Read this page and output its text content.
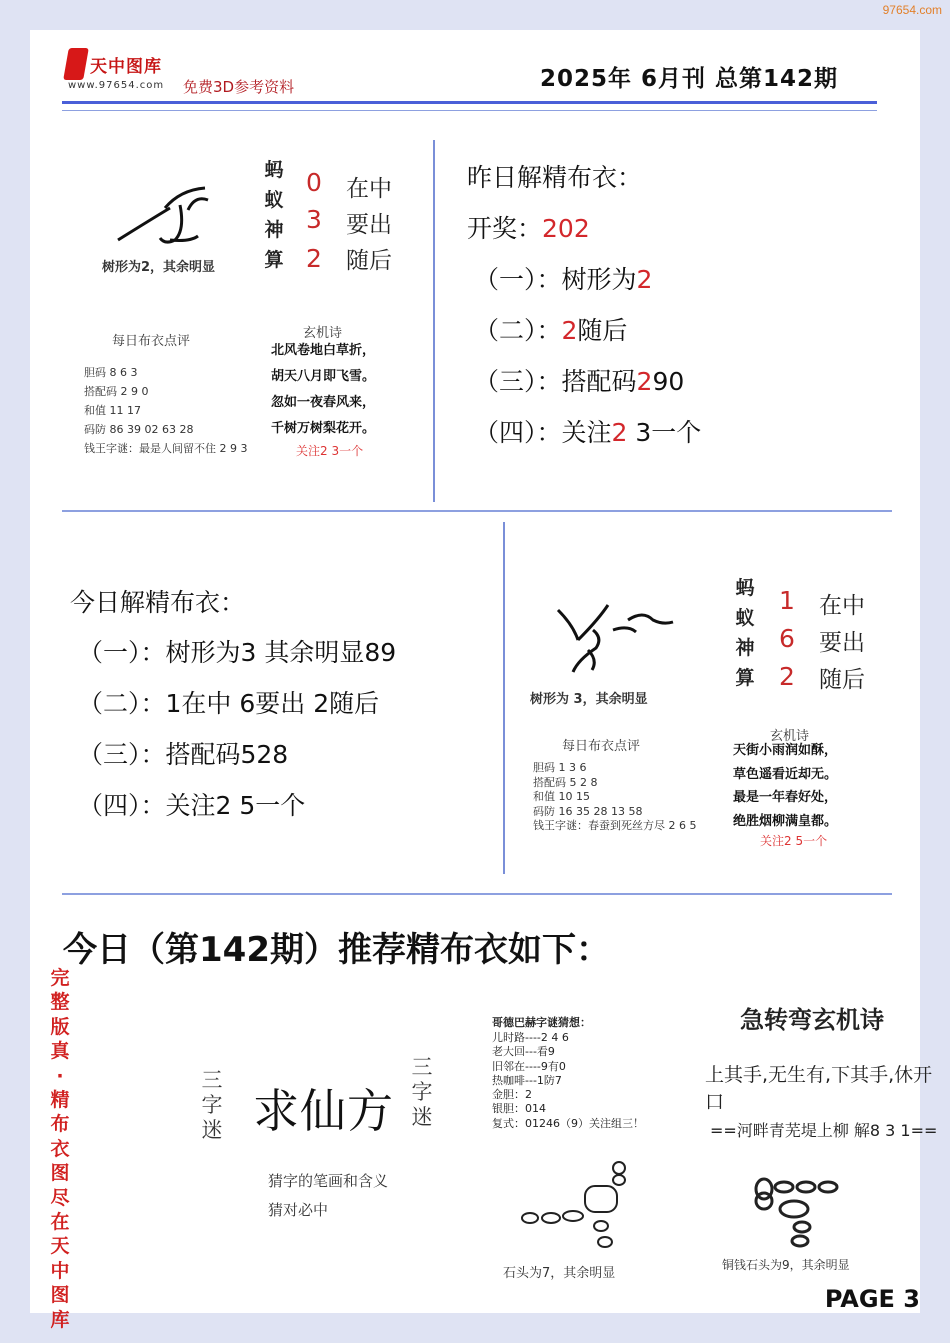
97654.com
天中图库
www.97654.com 免费3D参考资料	2025年 6月刊 总第142期
树形为2，其余明显
蚂
蚁
神
算
0
3
2
在中
要出
随后
每日布衣点评
胆码 8 6 3
搭配码 2 9 0
和值 11 17
码防 86 39 02 63 28
钱王字谜：最是人间留不住 2 9 3
玄机诗
北风卷地白草折，
胡天八月即飞雪。
忽如一夜春风来，
千树万树梨花开。
关注2 3一个
昨日解精布衣：
开奖：202
（一）：树形为2
（二）：2随后
（三）：搭配码290
（四）：关注2 3一个
今日解精布衣：
（一）：树形为3 其余明显89
（二）：1在中 6要出 2随后
（三）：搭配码528
（四）：关注2 5一个
树形为 3，其余明显
蚂
蚁
神
算
1
6
2
在中
要出
随后
每日布衣点评
胆码 1 3 6
搭配码 5 2 8
和值 10 15
码防 16 35 28 13 58
钱王字谜：春蚕到死丝方尽 2 6 5
玄机诗
天街小雨润如酥，
草色遥看近却无。
最是一年春好处，
绝胜烟柳满皇都。
关注2 5一个
今日（第142期）推荐精布衣如下：
完
整
版
真
·
精
布
衣
图
尽
在
天
中
图
库
三
字
迷 求仙方
三
字
迷
猜字的笔画和含义
猜对必中
哥德巴赫字谜猜想：
儿时路----2 4 6
老大回---看9
旧邻在----9有0
热咖啡---1防7
金胆：2
银胆：014
复式：01246（9）关注组三！
石头为7，其余明显
急转弯玄机诗
上其手,无生有,下其手,休开口
==河畔青芜堤上柳 解8 3 1==
铜钱石头为9，其余明显
PAGE 3
